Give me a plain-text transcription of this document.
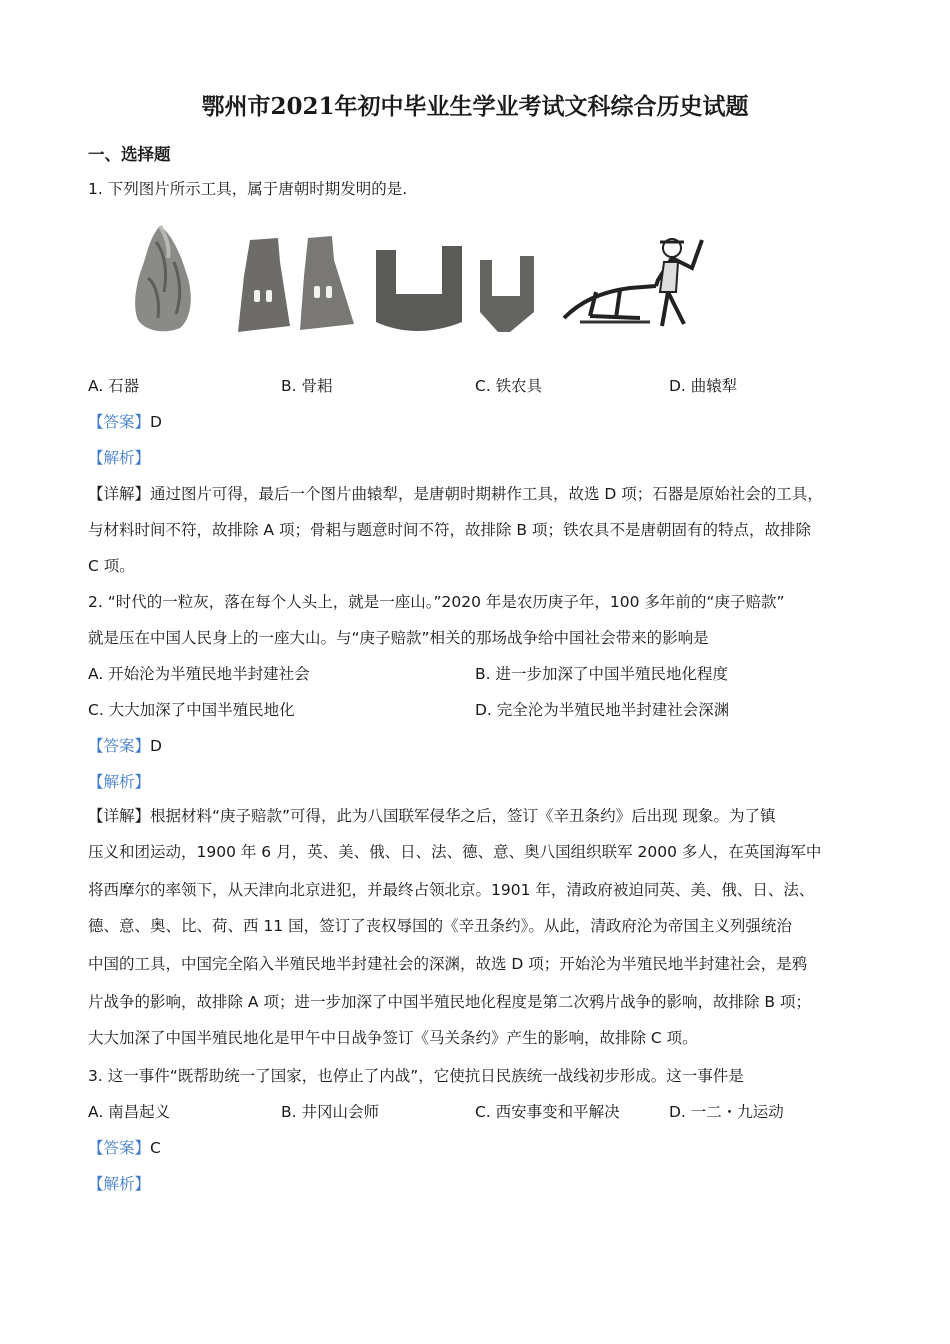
鄂州市2021年初中毕业生学业考试文科综合历史试题
一、选择题
1. 下列图片所示工具，属于唐朝时期发明的是.
A. 石器	B. 骨耜	C. 铁农具	D. 曲辕犁
【答案】D
【解析】
【详解】通过图片可得，最后一个图片曲辕犁，是唐朝时期耕作工具，故选 D 项；石器是原始社会的工具，
与材料时间不符，故排除 A 项；骨耜与题意时间不符，故排除 B 项；铁农具不是唐朝固有的特点，故排除
C 项。
2. “时代的一粒灰，落在每个人头上，就是一座山。”2020 年是农历庚子年，100 多年前的“庚子赔款”
就是压在中国人民身上的一座大山。与“庚子赔款”相关的那场战争给中国社会带来的影响是
A. 开始沦为半殖民地半封建社会	B. 进一步加深了中国半殖民地化程度
C. 大大加深了中国半殖民地化	D. 完全沦为半殖民地半封建社会深渊
【答案】D
【解析】
【详解】根据材料“庚子赔款”可得，此为八国联军侵华之后，签订《辛丑条约》后出现 现象。为了镇
压义和团运动，1900 年 6 月，英、美、俄、日、法、德、意、奥八国组织联军 2000 多人，在英国海军中
将西摩尔的率领下，从天津向北京进犯，并最终占领北京。1901 年，清政府被迫同英、美、俄、日、法、
德、意、奥、比、荷、西 11 国，签订了丧权辱国的《辛丑条约》。从此，清政府沦为帝国主义列强统治
中国的工具，中国完全陷入半殖民地半封建社会的深渊，故选 D 项；开始沦为半殖民地半封建社会，是鸦
片战争的影响，故排除 A 项；进一步加深了中国半殖民地化程度是第二次鸦片战争的影响，故排除 B 项；
大大加深了中国半殖民地化是甲午中日战争签订《马关条约》产生的影响，故排除 C 项。
3. 这一事件“既帮助统一了国家，也停止了内战”，它使抗日民族统一战线初步形成。这一事件是
A. 南昌起义	B. 井冈山会师	C. 西安事变和平解决	D. 一二・九运动
【答案】C
【解析】
